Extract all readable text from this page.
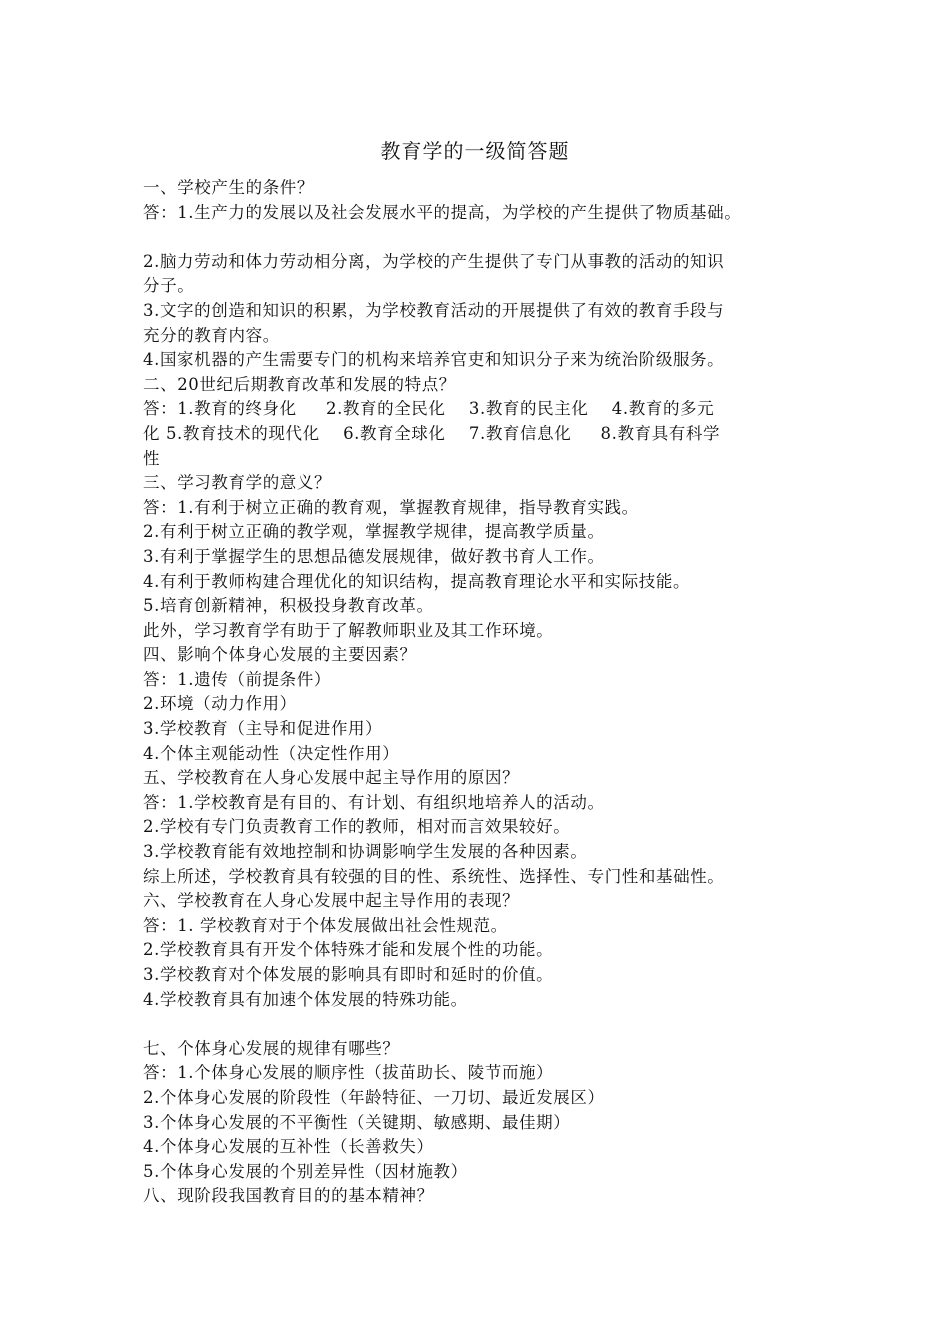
教育学的一级简答题
一、学校产生的条件？
答：1.生产力的发展以及社会发展水平的提高，为学校的产生提供了物质基础。
2.脑力劳动和体力劳动相分离，为学校的产生提供了专门从事教的活动的知识
分子。
3.文字的创造和知识的积累，为学校教育活动的开展提供了有效的教育手段与
充分的教育内容。
4.国家机器的产生需要专门的机构来培养官吏和知识分子来为统治阶级服务。
二、20世纪后期教育改革和发展的特点？
答：1.教育的终身化     2.教育的全民化    3.教育的民主化    4.教育的多元
化 5.教育技术的现代化    6.教育全球化    7.教育信息化     8.教育具有科学
性
三、学习教育学的意义？
答：1.有利于树立正确的教育观，掌握教育规律，指导教育实践。
2.有利于树立正确的教学观，掌握教学规律，提高教学质量。
3.有利于掌握学生的思想品德发展规律，做好教书育人工作。
4.有利于教师构建合理优化的知识结构，提高教育理论水平和实际技能。
5.培育创新精神，积极投身教育改革。
此外，学习教育学有助于了解教师职业及其工作环境。
四、影响个体身心发展的主要因素？
答：1.遗传（前提条件）
2.环境（动力作用）
3.学校教育（主导和促进作用）
4.个体主观能动性（决定性作用）
五、学校教育在人身心发展中起主导作用的原因？
答：1.学校教育是有目的、有计划、有组织地培养人的活动。
2.学校有专门负责教育工作的教师，相对而言效果较好。
3.学校教育能有效地控制和协调影响学生发展的各种因素。
综上所述，学校教育具有较强的目的性、系统性、选择性、专门性和基础性。
六、学校教育在人身心发展中起主导作用的表现？
答：1. 学校教育对于个体发展做出社会性规范。
2.学校教育具有开发个体特殊才能和发展个性的功能。
3.学校教育对个体发展的影响具有即时和延时的价值。
4.学校教育具有加速个体发展的特殊功能。
七、个体身心发展的规律有哪些？
答：1.个体身心发展的顺序性（拔苗助长、陵节而施）
2.个体身心发展的阶段性（年龄特征、一刀切、最近发展区）
3.个体身心发展的不平衡性（关键期、敏感期、最佳期）
4.个体身心发展的互补性（长善救失）
5.个体身心发展的个别差异性（因材施教）
八、现阶段我国教育目的的基本精神？
